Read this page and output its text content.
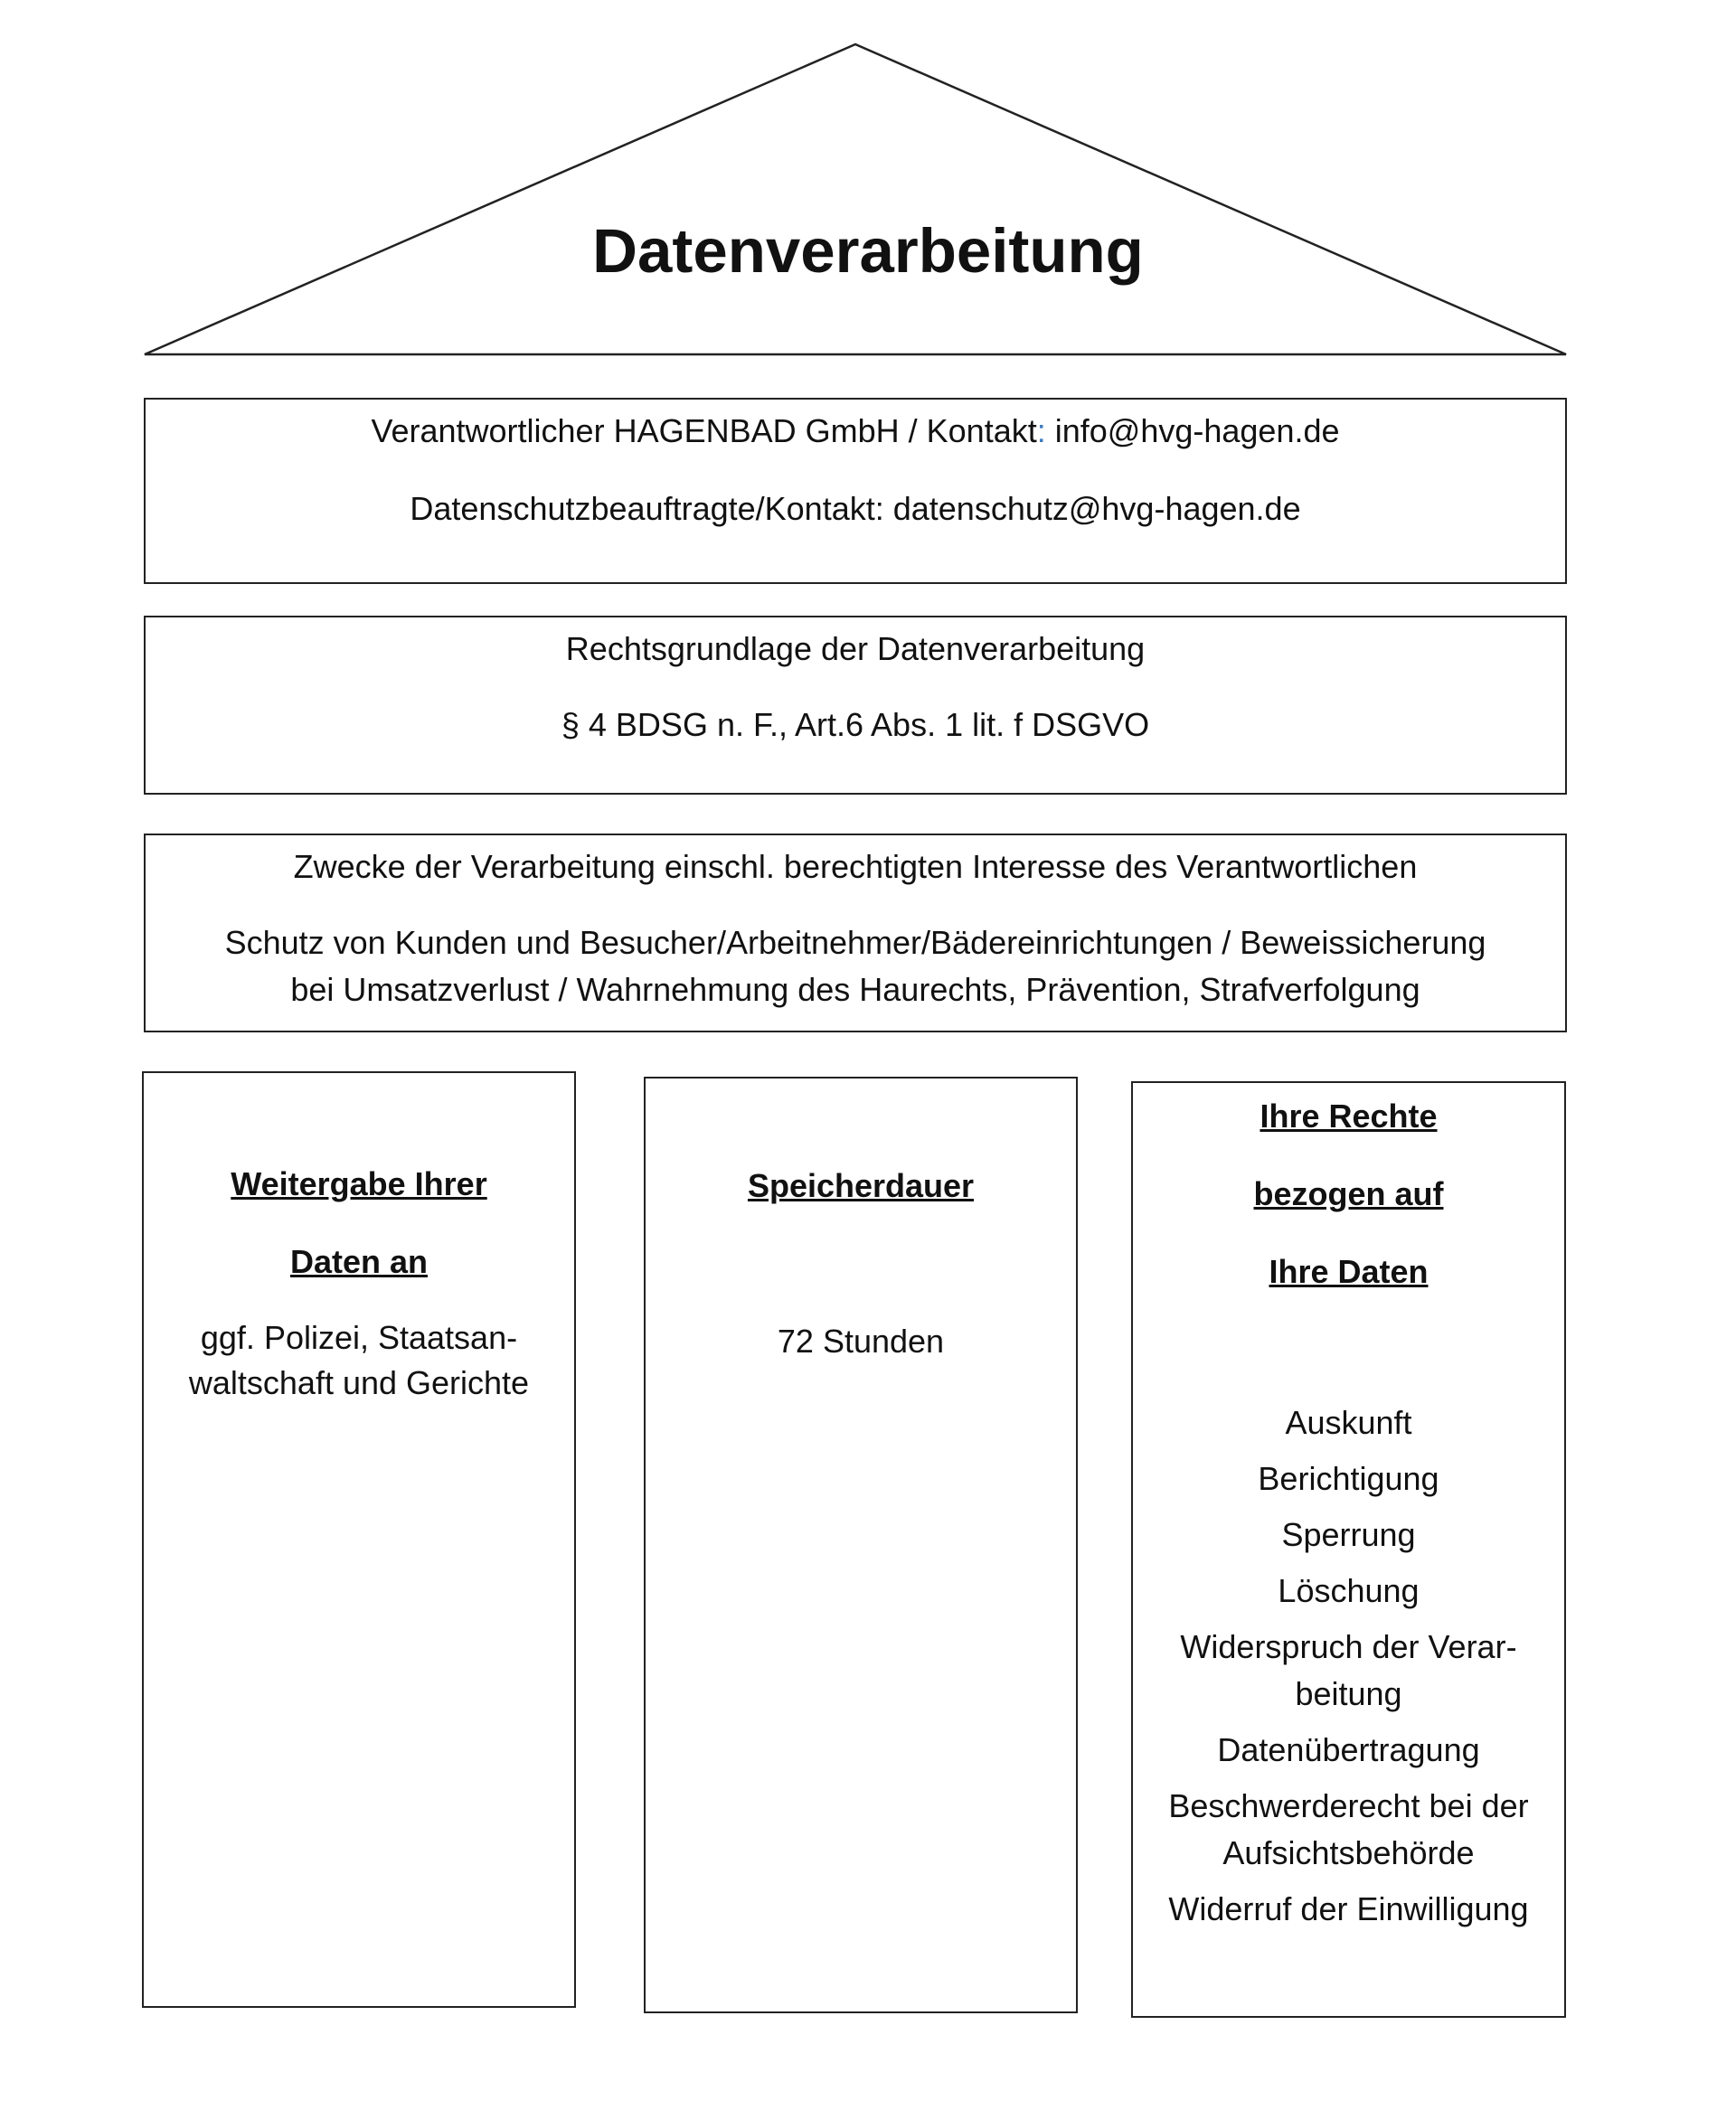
Datenverarbeitung
Verantwortlicher HAGENBAD GmbH / Kontakt: info@hvg-hagen.de
Datenschutzbeauftragte/Kontakt: datenschutz@hvg-hagen.de
Rechtsgrundlage der Datenverarbeitung
§ 4 BDSG n. F., Art.6 Abs. 1 lit. f DSGVO
Zwecke der Verarbeitung einschl. berechtigten Interesse des Verantwortlichen
Schutz von Kunden und Besucher/Arbeitnehmer/Bädereinrichtungen / Beweissicherung
bei Umsatzverlust / Wahrnehmung des Haurechts, Prävention, Strafverfolgung
Weitergabe Ihrer
Daten an
ggf. Polizei, Staatsan-
waltschaft und Gerichte
Speicherdauer
72 Stunden
Ihre Rechte
bezogen auf
Ihre Daten
Auskunft
Berichtigung
Sperrung
Löschung
Widerspruch der Verar-
beitung
Datenübertragung
Beschwerderecht bei der
Aufsichtsbehörde
Widerruf der Einwilligung
